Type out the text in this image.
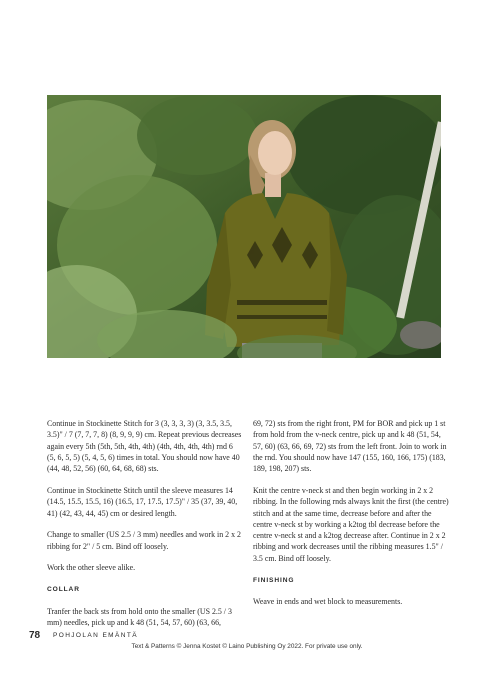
Continue in Stockinette Stitch for 3 (3, 3, 3, 3) (3, 3.5, 3.5, 3.5)" / 7 (7, 7, 7, 8) (8, 9, 9, 9) cm. Repeat previous decreases again every 5th (5th, 5th, 4th, 4th) (4th, 4th, 4th, 4th) rnd 6 (5, 6, 5, 5) (5, 4, 5, 6) times in total. You should now have 40 (44, 48, 52, 56) (60, 64, 68, 68) sts.

Continue in Stockinette Stitch until the sleeve measures 14 (14.5, 15.5, 15.5, 16) (16.5, 17, 17.5, 17.5)" / 35 (37, 39, 40, 41) (42, 43, 44, 45) cm or desired length.

Change to smaller (US 2.5 / 3 mm) needles and work in 2 x 2 ribbing for 2" / 5 cm. Bind off loosely.

Work the other sleeve alike.

COLLAR

Tranfer the back sts from hold onto the smaller (US 2.5 / 3 mm) needles, pick up and k 48 (51, 54, 57, 60) (63, 66,

69, 72) sts from the right front, PM for BOR and pick up 1 st from hold from the v-neck centre, pick up and k 48 (51, 54, 57, 60) (63, 66, 69, 72) sts from the left front. Join to work in the rnd. You should now have 147 (155, 160, 166, 175) (183, 189, 198, 207) sts.

Knit the centre v-neck st and then begin working in 2 x 2 ribbing. In the following rnds always knit the first (the centre) stitch and at the same time, decrease before and after the centre v-neck st by working a k2tog tbl decrease before the centre v-neck st and a k2tog decrease after. Continue in 2 x 2 ribbing and work decreases until the ribbing measures 1.5" / 3.5 cm. Bind off loosely.

FINISHING

Weave in ends and wet block to measurements.

78 POHJOLAN EMÄNTÄ
Text & Patterns © Jenna Kostet © Laino Publishing Oy 2022. For private use only.
